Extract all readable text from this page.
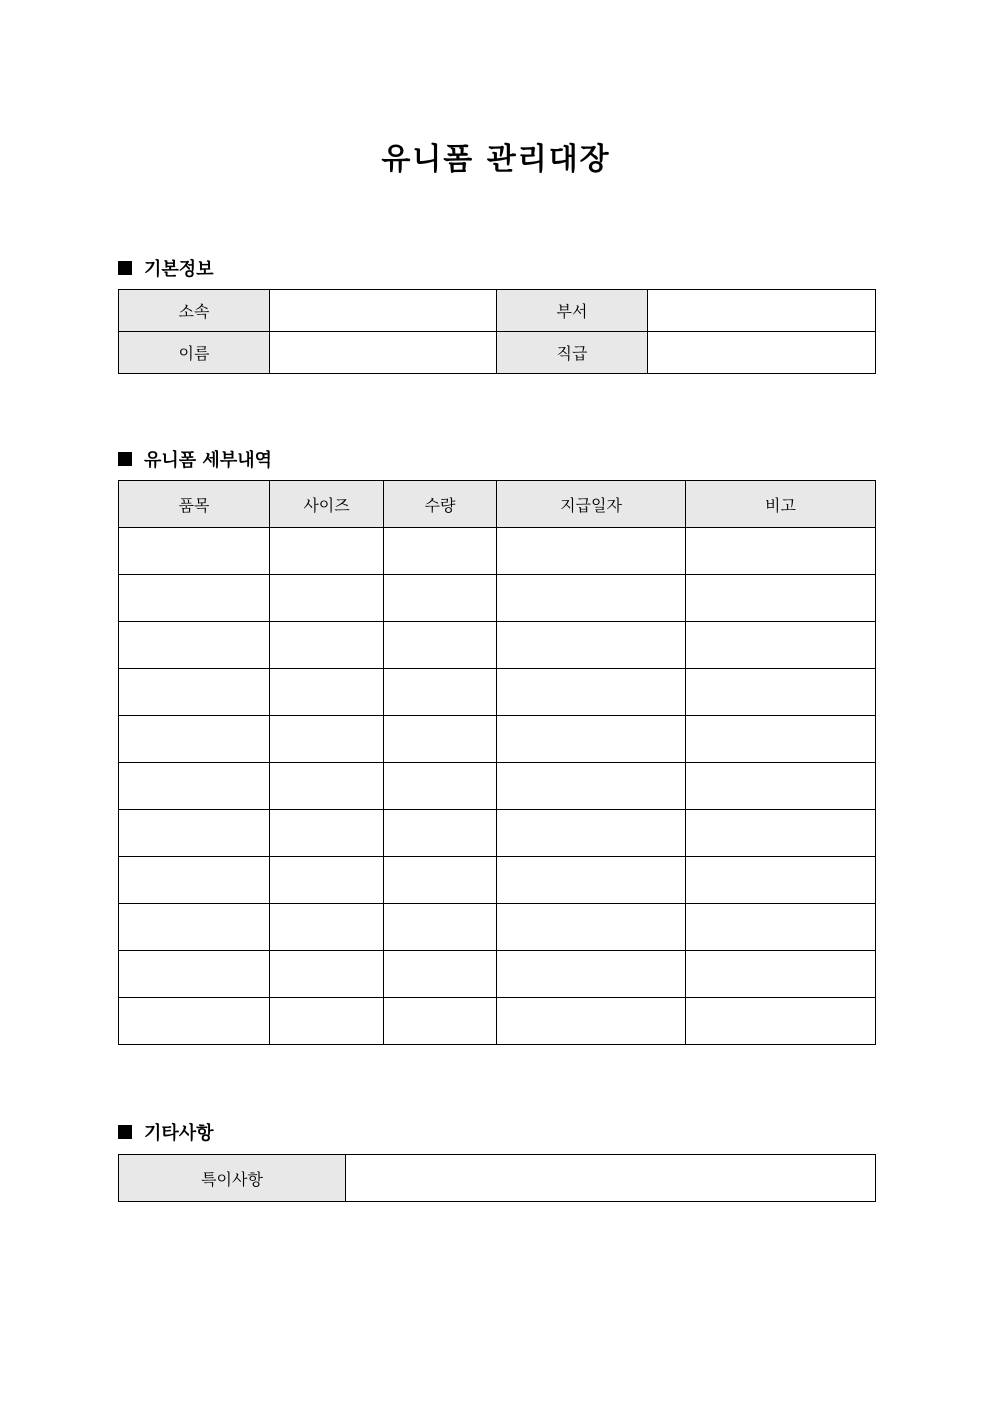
유니폼 관리대장
기본정보
소속		부서	
이름		직급	
유니폼 세부내역
품목	사이즈	수량	지급일자	비고

기타사항
특이사항	
